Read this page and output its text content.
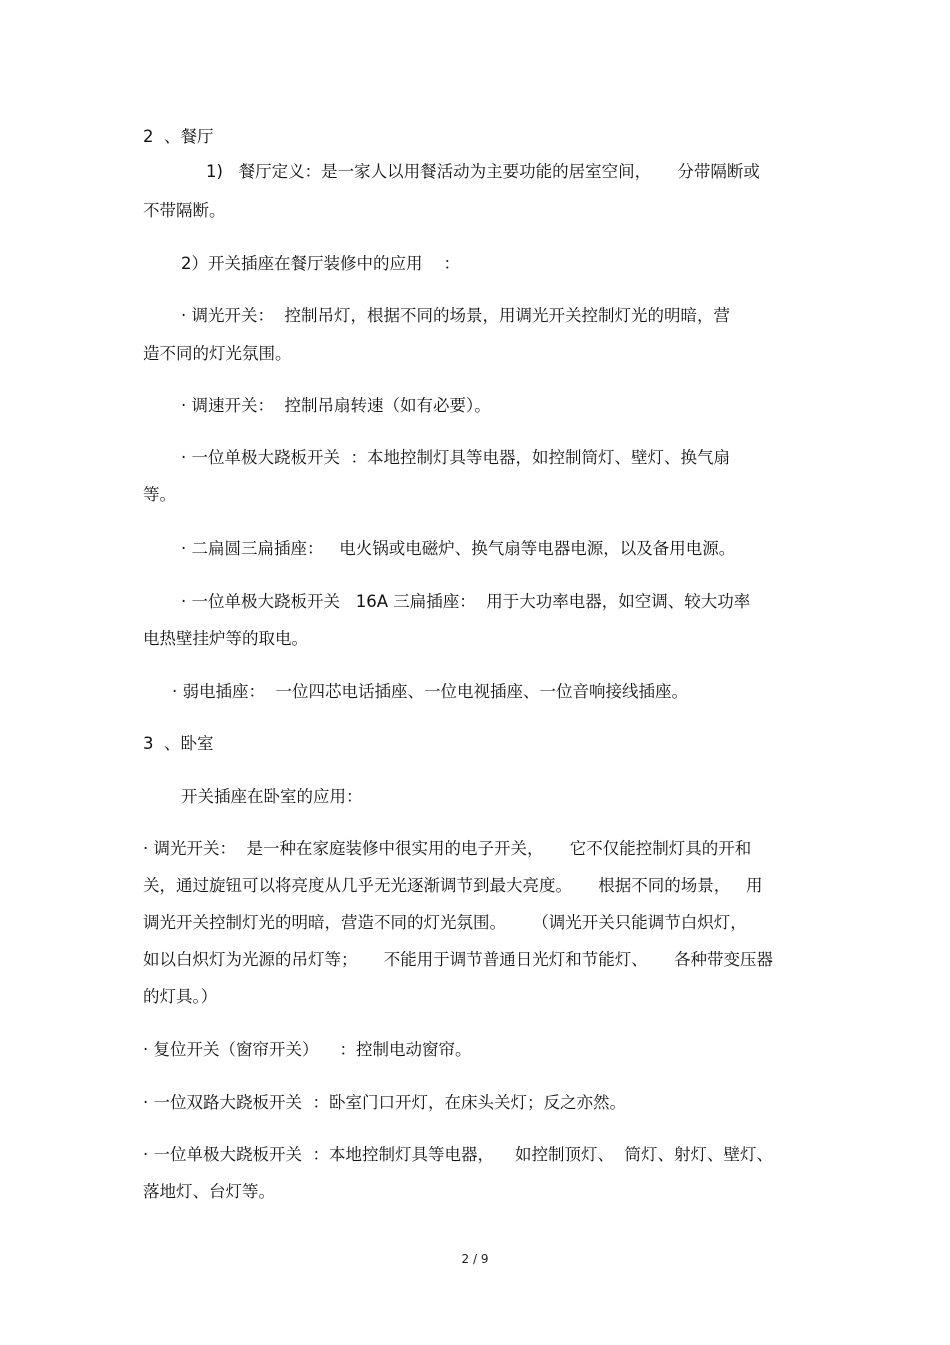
2  、餐厅

1)   餐厅定义：是一家人以用餐活动为主要功能的居室空间，     分带隔断或

不带隔断。

2）开关插座在餐厅装修中的应用    ：

· 调光开关：  控制吊灯，根据不同的场景，用调光开关控制灯光的明暗，营

造不同的灯光氛围。

· 调速开关：  控制吊扇转速（如有必要）。

· 一位单极大跷板开关  ：本地控制灯具等电器，如控制筒灯、壁灯、换气扇

等。

· 二扁圆三扁插座：   电火锅或电磁炉、换气扇等电器电源，以及备用电源。

· 一位单极大跷板开关   16A 三扁插座：  用于大功率电器，如空调、较大功率

电热壁挂炉等的取电。

· 弱电插座：  一位四芯电话插座、一位电视插座、一位音响接线插座。

3  、卧室

开关插座在卧室的应用：

· 调光开关：  是一种在家庭装修中很实用的电子开关，     它不仅能控制灯具的开和

关，通过旋钮可以将亮度从几乎无光逐渐调节到最大亮度。     根据不同的场景，   用

调光开关控制灯光的明暗，营造不同的灯光氛围。     （调光开关只能调节白炽灯，

如以白炽灯为光源的吊灯等；     不能用于调节普通日光灯和节能灯、     各种带变压器

的灯具。）

· 复位开关（窗帘开关）    ：控制电动窗帘。

· 一位双路大跷板开关  ：卧室门口开灯，在床头关灯；反之亦然。

· 一位单极大跷板开关  ：本地控制灯具等电器，    如控制顶灯、  筒灯、射灯、壁灯、

落地灯、台灯等。

2 / 9
